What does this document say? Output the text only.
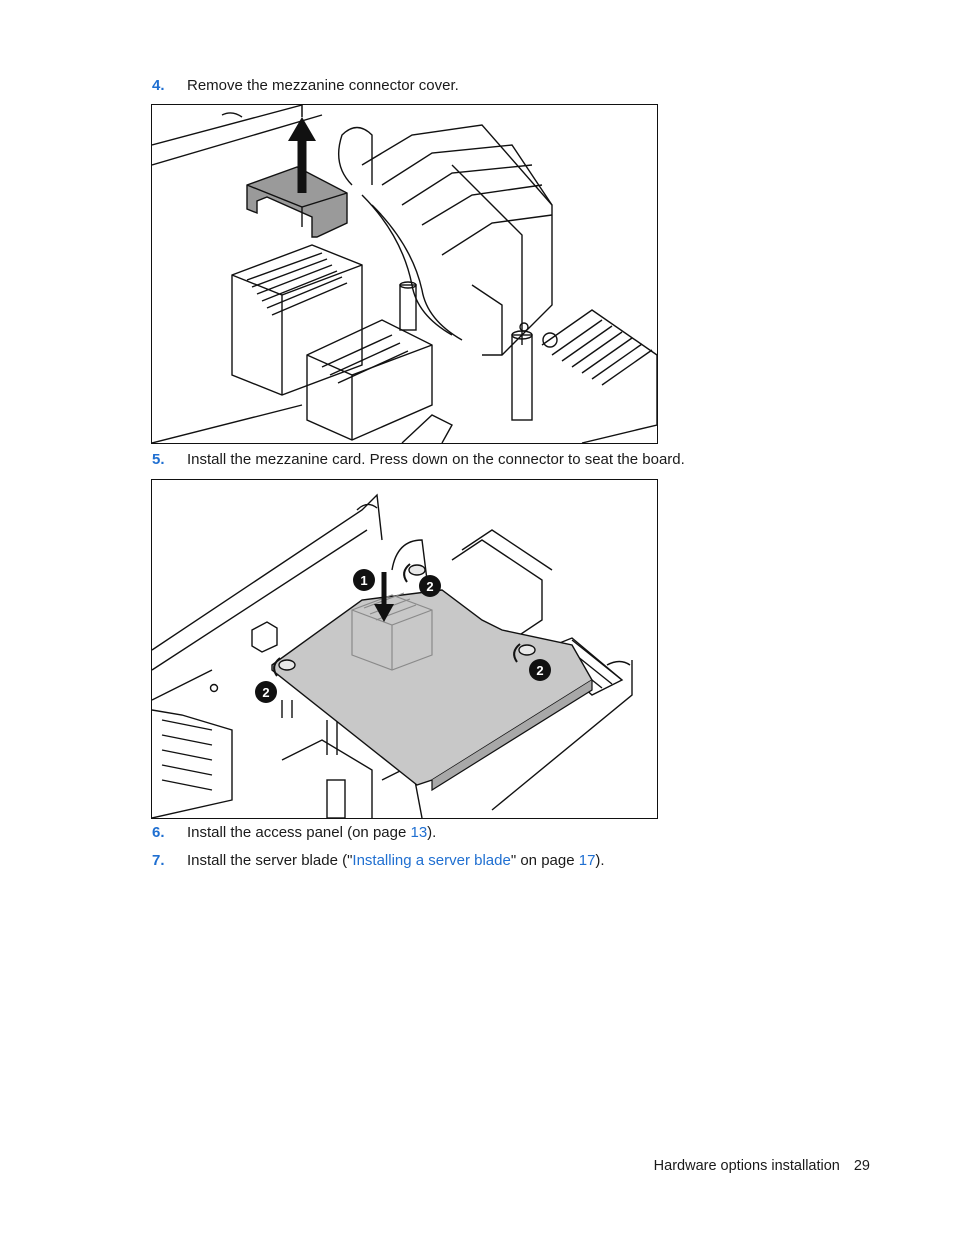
4. Remove the mezzanine connector cover.
5. Install the mezzanine card. Press down on the connector to seat the board.
1	2
2
2
6. Install the access panel (on page 13).
7. Install the server blade ("Installing a server blade" on page 17).
Hardware options installation 29
